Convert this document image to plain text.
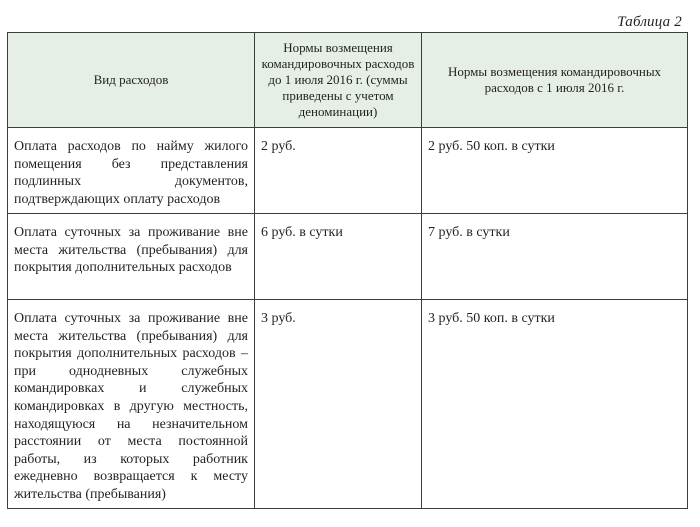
Таблица 2
Вид расходов	Нормы возмещения командировочных расходов до 1 июля 2016 г. (суммы приведены с учетом деноминации)	Нормы возмещения командировочных расходов с 1 июля 2016 г.
Оплата расходов по найму жилого помещения без представления подлинных документов, подтверждающих оплату расходов	2 руб.	2 руб. 50 коп. в сутки
Оплата суточных за проживание вне места жительства (пребывания) для покрытия дополнительных расходов	6 руб. в сутки	7 руб. в сутки
Оплата суточных за проживание вне места жительства (пребывания) для покрытия дополнительных расходов – при однодневных служебных командировках и служебных командировках в другую местность, находящуюся на незначительном расстоянии от места постоянной работы, из которых работник ежедневно возвращается к месту жительства (пребывания)	3 руб.	3 руб. 50 коп. в сутки
